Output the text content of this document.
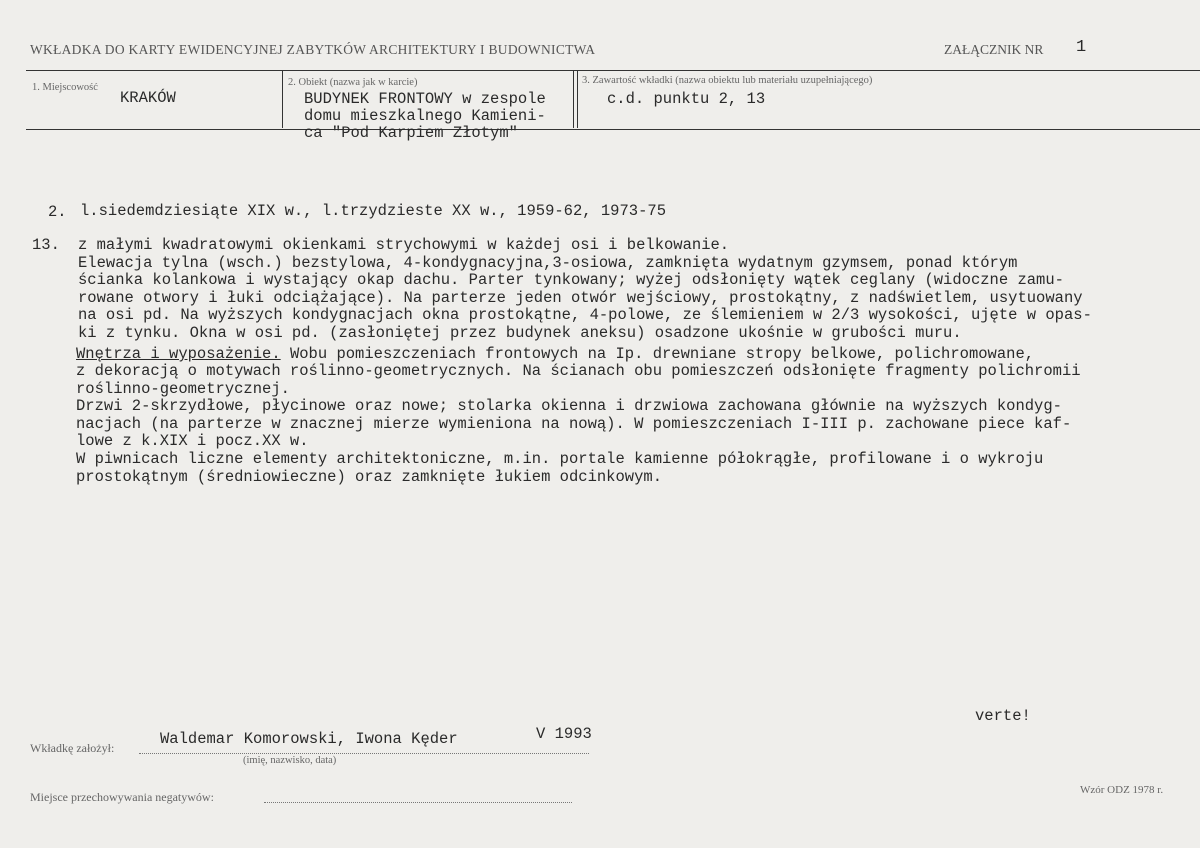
WKŁADKA DO KARTY EWIDENCYJNEJ ZABYTKÓW ARCHITEKTURY I BUDOWNICTWA	ZAŁĄCZNIK NR 1
1. Miejscowość
KRAKÓW
2. Obiekt (nazwa jak w karcie)
BUDYNEK FRONTOWY w zespole
domu mieszkalnego Kamieni-
ca "Pod Karpiem Złotym"
3. Zawartość wkładki (nazwa obiektu lub materiału uzupełniającego)
c.d. punktu 2, 13
2. l.siedemdziesiąte XIX w., l.trzydzieste XX w., 1959-62, 1973-75
13. z małymi kwadratowymi okienkami strychowymi w każdej osi i belkowanie.
Elewacja tylna (wsch.) bezstylowa, 4-kondygnacyjna,3-osiowa, zamknięta wydatnym gzymsem, ponad którym
ścianka kolankowa i wystający okap dachu. Parter tynkowany; wyżej odsłonięty wątek ceglany (widoczne zamu-
rowane otwory i łuki odciążające). Na parterze jeden otwór wejściowy, prostokątny, z nadświetlem, usytuowany
na osi pd. Na wyższych kondygnacjach okna prostokątne, 4-polowe, ze ślemieniem w 2/3 wysokości, ujęte w opas-
ki z tynku. Okna w osi pd. (zasłoniętej przez budynek aneksu) osadzone ukośnie w grubości muru.
Wnętrza i wyposażenie. Wobu pomieszczeniach frontowych na Ip. drewniane stropy belkowe, polichromowane,
z dekoracją o motywach roślinno-geometrycznych. Na ścianach obu pomieszczeń odsłonięte fragmenty polichromii
roślinno-geometrycznej.
Drzwi 2-skrzydłowe, płycinowe oraz nowe; stolarka okienna i drzwiowa zachowana głównie na wyższych kondyg-
nacjach (na parterze w znacznej mierze wymieniona na nową). W pomieszczeniach I-III p. zachowane piece kaf-
lowe z k.XIX i pocz.XX w.
W piwnicach liczne elementy architektoniczne, m.in. portale kamienne półokrągłe, profilowane i o wykroju
prostokątnym (średniowieczne) oraz zamknięte łukiem odcinkowym.
verte!
Wkładkę założył:	Waldemar Komorowski, Iwona Kęder	V 1993
(imię, nazwisko, data)
Miejsce przechowywania negatywów:	Wzór ODZ 1978 r.
